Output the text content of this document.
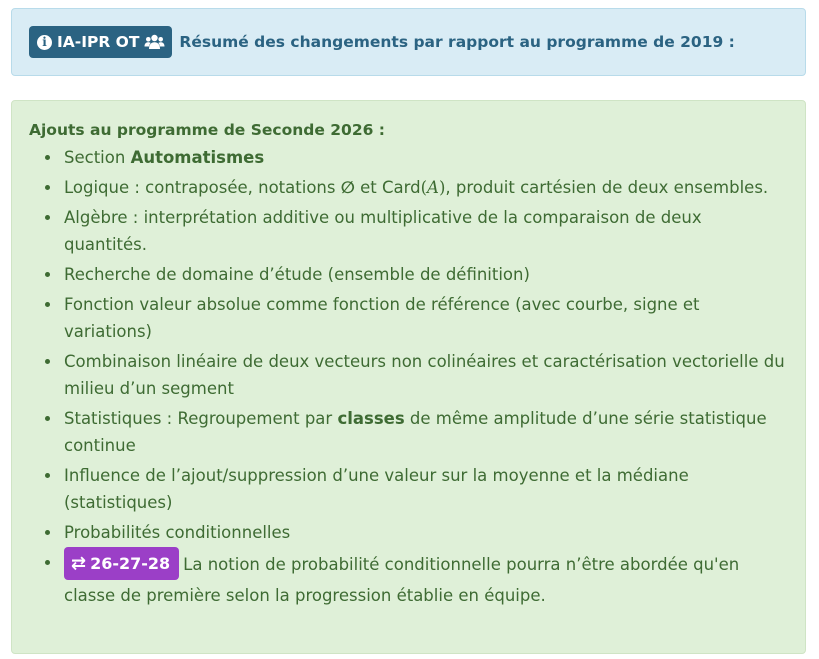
i IA-IPR OT	Résumé des changements par rapport au programme de 2019 :

Ajouts au programme de Seconde 2026 :

Section Automatismes
Logique : contraposée, notations ∅ et Card(A), produit cartésien de deux ensembles.
Algèbre : interprétation additive ou multiplicative de la comparaison de deux quantités.
Recherche de domaine d’étude (ensemble de définition)
Fonction valeur absolue comme fonction de référence (avec courbe, signe et variations)
Combinaison linéaire de deux vecteurs non colinéaires et caractérisation vectorielle du milieu d’un segment
Statistiques : Regroupement par classes de même amplitude d’une série statistique continue
Influence de l’ajout/suppression d’une valeur sur la moyenne et la médiane (statistiques)
Probabilités conditionnelles
⇄ 26-27-28 La notion de probabilité conditionnelle pourra n’être abordée qu'en classe de première selon la progression établie en équipe.
